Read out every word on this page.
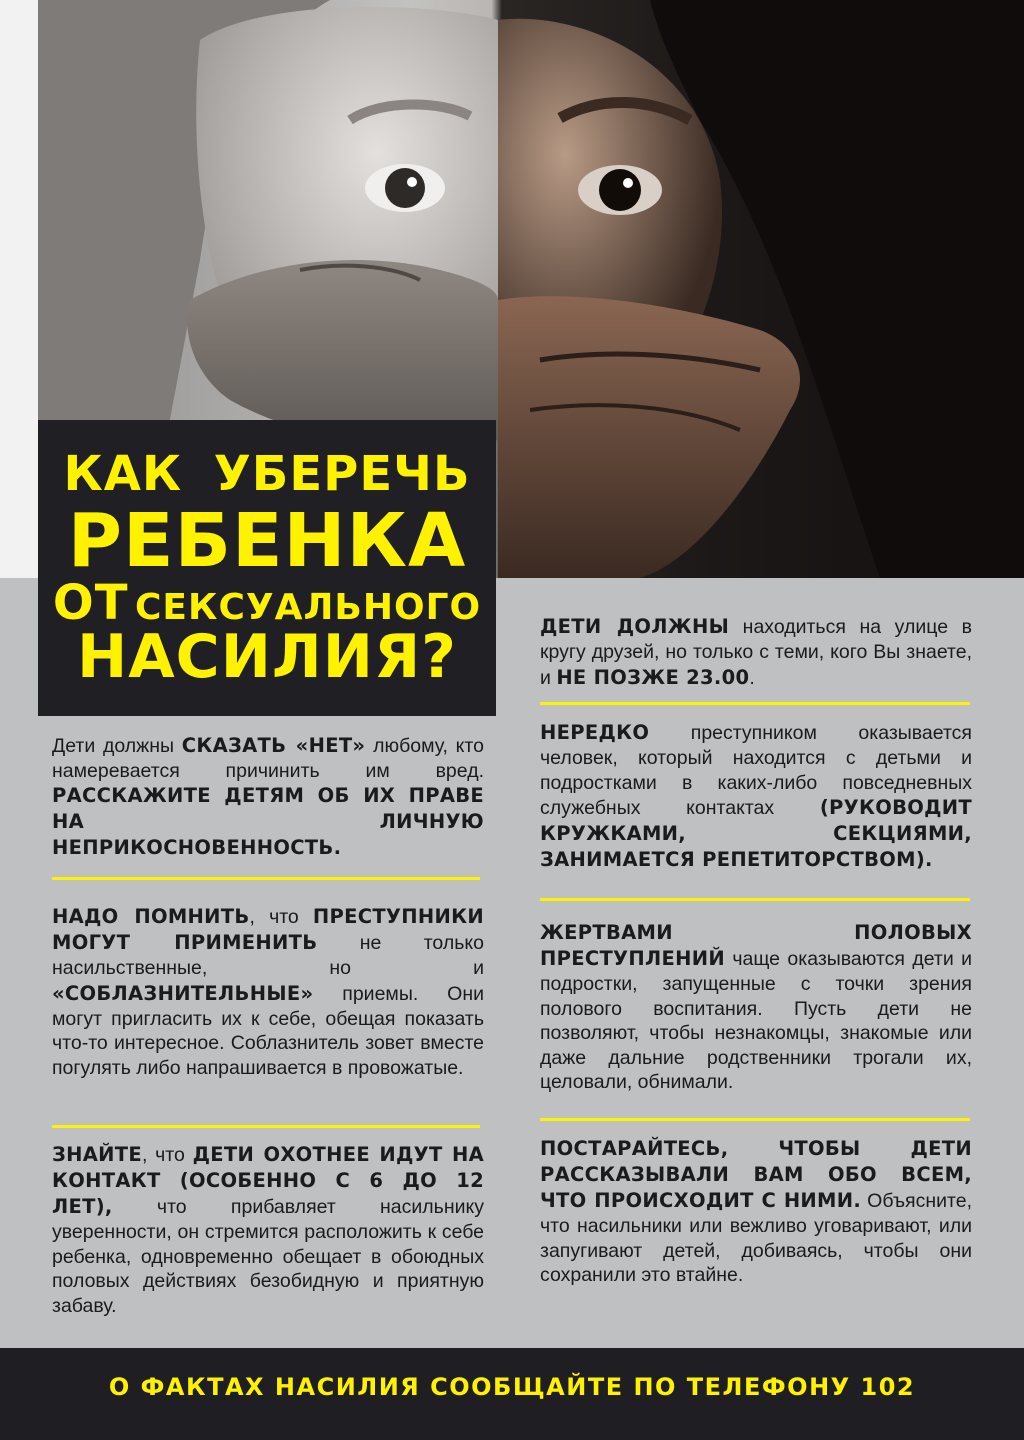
КАК УБЕРЕЧЬ
РЕБЕНКА
ОТ СЕКСУАЛЬНОГО
НАСИЛИЯ?
Дети должны СКАЗАТЬ «НЕТ» любому, кто намеревается причинить им вред. РАССКАЖИТЕ ДЕТЯМ ОБ ИХ ПРАВЕ НА ЛИЧНУЮ НЕПРИКОСНОВЕННОСТЬ.
НАДО ПОМНИТЬ, что ПРЕСТУПНИКИ МОГУТ ПРИМЕНИТЬ не только насильственные, но и «СОБЛАЗНИТЕЛЬНЫЕ» приемы. Они могут пригласить их к себе, обещая показать что-то интересное. Соблазнитель зовет вместе погулять либо напрашивается в провожатые.
ЗНАЙТЕ, что ДЕТИ ОХОТНЕЕ ИДУТ НА КОНТАКТ (ОСОБЕННО С 6 ДО 12 ЛЕТ), что прибавляет насильнику уверенности, он стремится расположить к себе ребенка, одновременно обещает в обоюдных половых действиях безобидную и приятную забаву.
ДЕТИ ДОЛЖНЫ находиться на улице в кругу друзей, но только с теми, кого Вы знаете, и НЕ ПОЗЖЕ 23.00.
НЕРЕДКО преступником оказывается человек, который находится с детьми и подростками в каких-либо повседневных служебных контактах (РУКОВОДИТ КРУЖКАМИ, СЕКЦИЯМИ, ЗАНИМАЕТСЯ РЕПЕТИТОРСТВОМ).
ЖЕРТВАМИ ПОЛОВЫХ ПРЕСТУПЛЕНИЙ чаще оказываются дети и подростки, запущенные с точки зрения полового воспитания. Пусть дети не позволяют, чтобы незнакомцы, знакомые или даже дальние родственники трогали их, целовали, обнимали.
ПОСТАРАЙТЕСЬ, ЧТОБЫ ДЕТИ РАССКАЗЫВАЛИ ВАМ ОБО ВСЕМ, ЧТО ПРОИСХОДИТ С НИМИ. Объясните, что насильники или вежливо уговаривают, или запугивают детей, добиваясь, чтобы они сохранили это втайне.
О ФАКТАХ НАСИЛИЯ СООБЩАЙТЕ ПО ТЕЛЕФОНУ 102
